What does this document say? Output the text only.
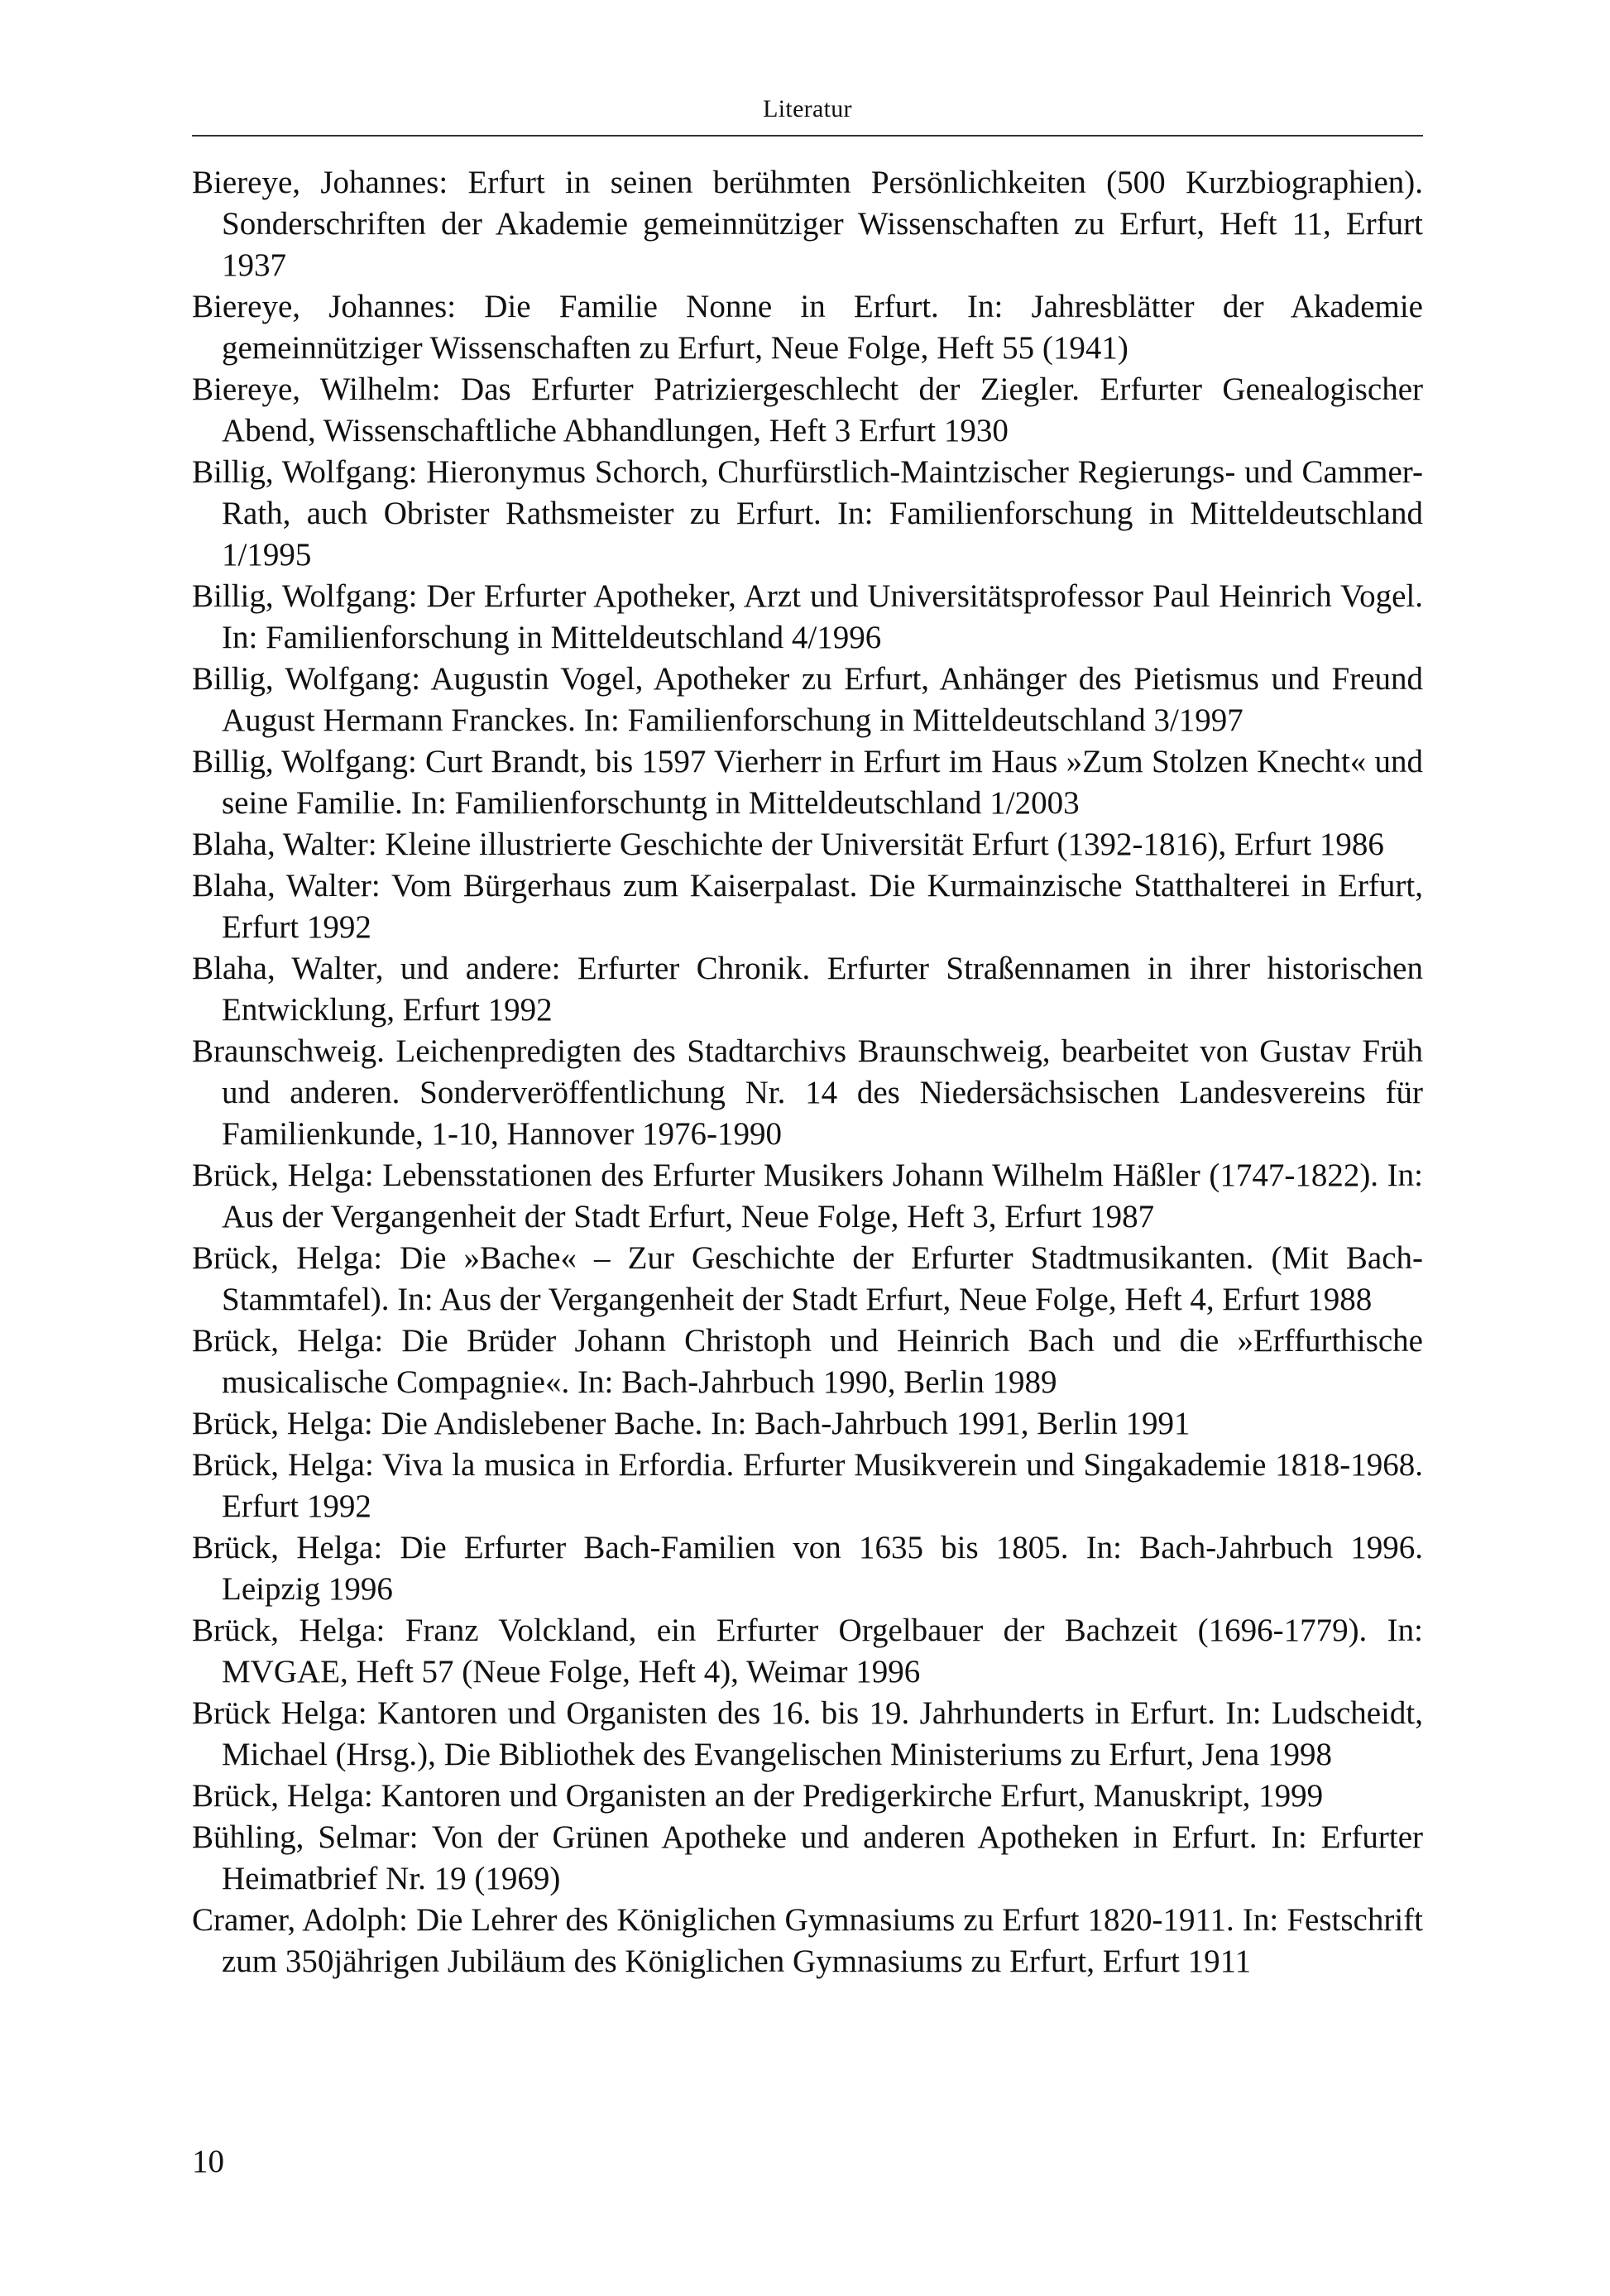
Literatur
Biereye, Johannes: Erfurt in seinen berühmten Persönlichkeiten (500 Kurzbiographien). Sonderschriften der Akademie gemeinnütziger Wissenschaften zu Erfurt, Heft 11, Erfurt 1937
Biereye, Johannes: Die Familie Nonne in Erfurt. In: Jahresblätter der Akademie gemeinnütziger Wissenschaften zu Erfurt, Neue Folge, Heft 55 (1941)
Biereye, Wilhelm: Das Erfurter Patriziergeschlecht der Ziegler. Erfurter Genealogischer Abend, Wissenschaftliche Abhandlungen, Heft 3 Erfurt 1930
Billig, Wolfgang: Hieronymus Schorch, Churfürstlich-Maintzischer Regierungs- und Cammer-Rath, auch Obrister Rathsmeister zu Erfurt. In: Familienforschung in Mitteldeutschland 1/1995
Billig, Wolfgang: Der Erfurter Apotheker, Arzt und Universitätsprofessor Paul Heinrich Vogel. In: Familienforschung in Mitteldeutschland 4/1996
Billig, Wolfgang: Augustin Vogel, Apotheker zu Erfurt, Anhänger des Pietismus und Freund August Hermann Franckes. In: Familienforschung in Mitteldeutschland 3/1997
Billig, Wolfgang: Curt Brandt, bis 1597 Vierherr in Erfurt im Haus »Zum Stolzen Knecht« und seine Familie. In: Familienforschuntg in Mitteldeutschland 1/2003
Blaha, Walter: Kleine illustrierte Geschichte der Universität Erfurt (1392-1816), Erfurt 1986
Blaha, Walter: Vom Bürgerhaus zum Kaiserpalast. Die Kurmainzische Statthalterei in Erfurt, Erfurt 1992
Blaha, Walter, und andere: Erfurter Chronik. Erfurter Straßennamen in ihrer historischen Entwicklung, Erfurt 1992
Braunschweig. Leichenpredigten des Stadtarchivs Braunschweig, bearbeitet von Gustav Früh und anderen. Sonderveröffentlichung Nr. 14 des Niedersächsischen Landesvereins für Familienkunde, 1-10, Hannover 1976-1990
Brück, Helga: Lebensstationen des Erfurter Musikers Johann Wilhelm Häßler (1747-1822). In: Aus der Vergangenheit der Stadt Erfurt, Neue Folge, Heft 3, Erfurt 1987
Brück, Helga: Die »Bache« – Zur Geschichte der Erfurter Stadtmusikanten. (Mit Bach-Stammtafel). In: Aus der Vergangenheit der Stadt Erfurt, Neue Folge, Heft 4, Erfurt 1988
Brück, Helga: Die Brüder Johann Christoph und Heinrich Bach und die »Erffurthische musicalische Compagnie«. In: Bach-Jahrbuch 1990, Berlin 1989
Brück, Helga: Die Andislebener Bache. In: Bach-Jahrbuch 1991, Berlin 1991
Brück, Helga: Viva la musica in Erfordia. Erfurter Musikverein und Singakademie 1818-1968. Erfurt 1992
Brück, Helga: Die Erfurter Bach-Familien von 1635 bis 1805. In: Bach-Jahrbuch 1996. Leipzig 1996
Brück, Helga: Franz Volckland, ein Erfurter Orgelbauer der Bachzeit (1696-1779). In: MVGAE, Heft 57 (Neue Folge, Heft 4), Weimar 1996
Brück Helga: Kantoren und Organisten des 16. bis 19. Jahrhunderts in Erfurt. In: Ludscheidt, Michael (Hrsg.), Die Bibliothek des Evangelischen Ministeriums zu Erfurt, Jena 1998
Brück, Helga: Kantoren und Organisten an der Predigerkirche Erfurt, Manuskript, 1999
Bühling, Selmar: Von der Grünen Apotheke und anderen Apotheken in Erfurt. In: Erfurter Heimatbrief Nr. 19 (1969)
Cramer, Adolph: Die Lehrer des Königlichen Gymnasiums zu Erfurt 1820-1911. In: Festschrift zum 350jährigen Jubiläum des Königlichen Gymnasiums zu Erfurt, Erfurt 1911
10
